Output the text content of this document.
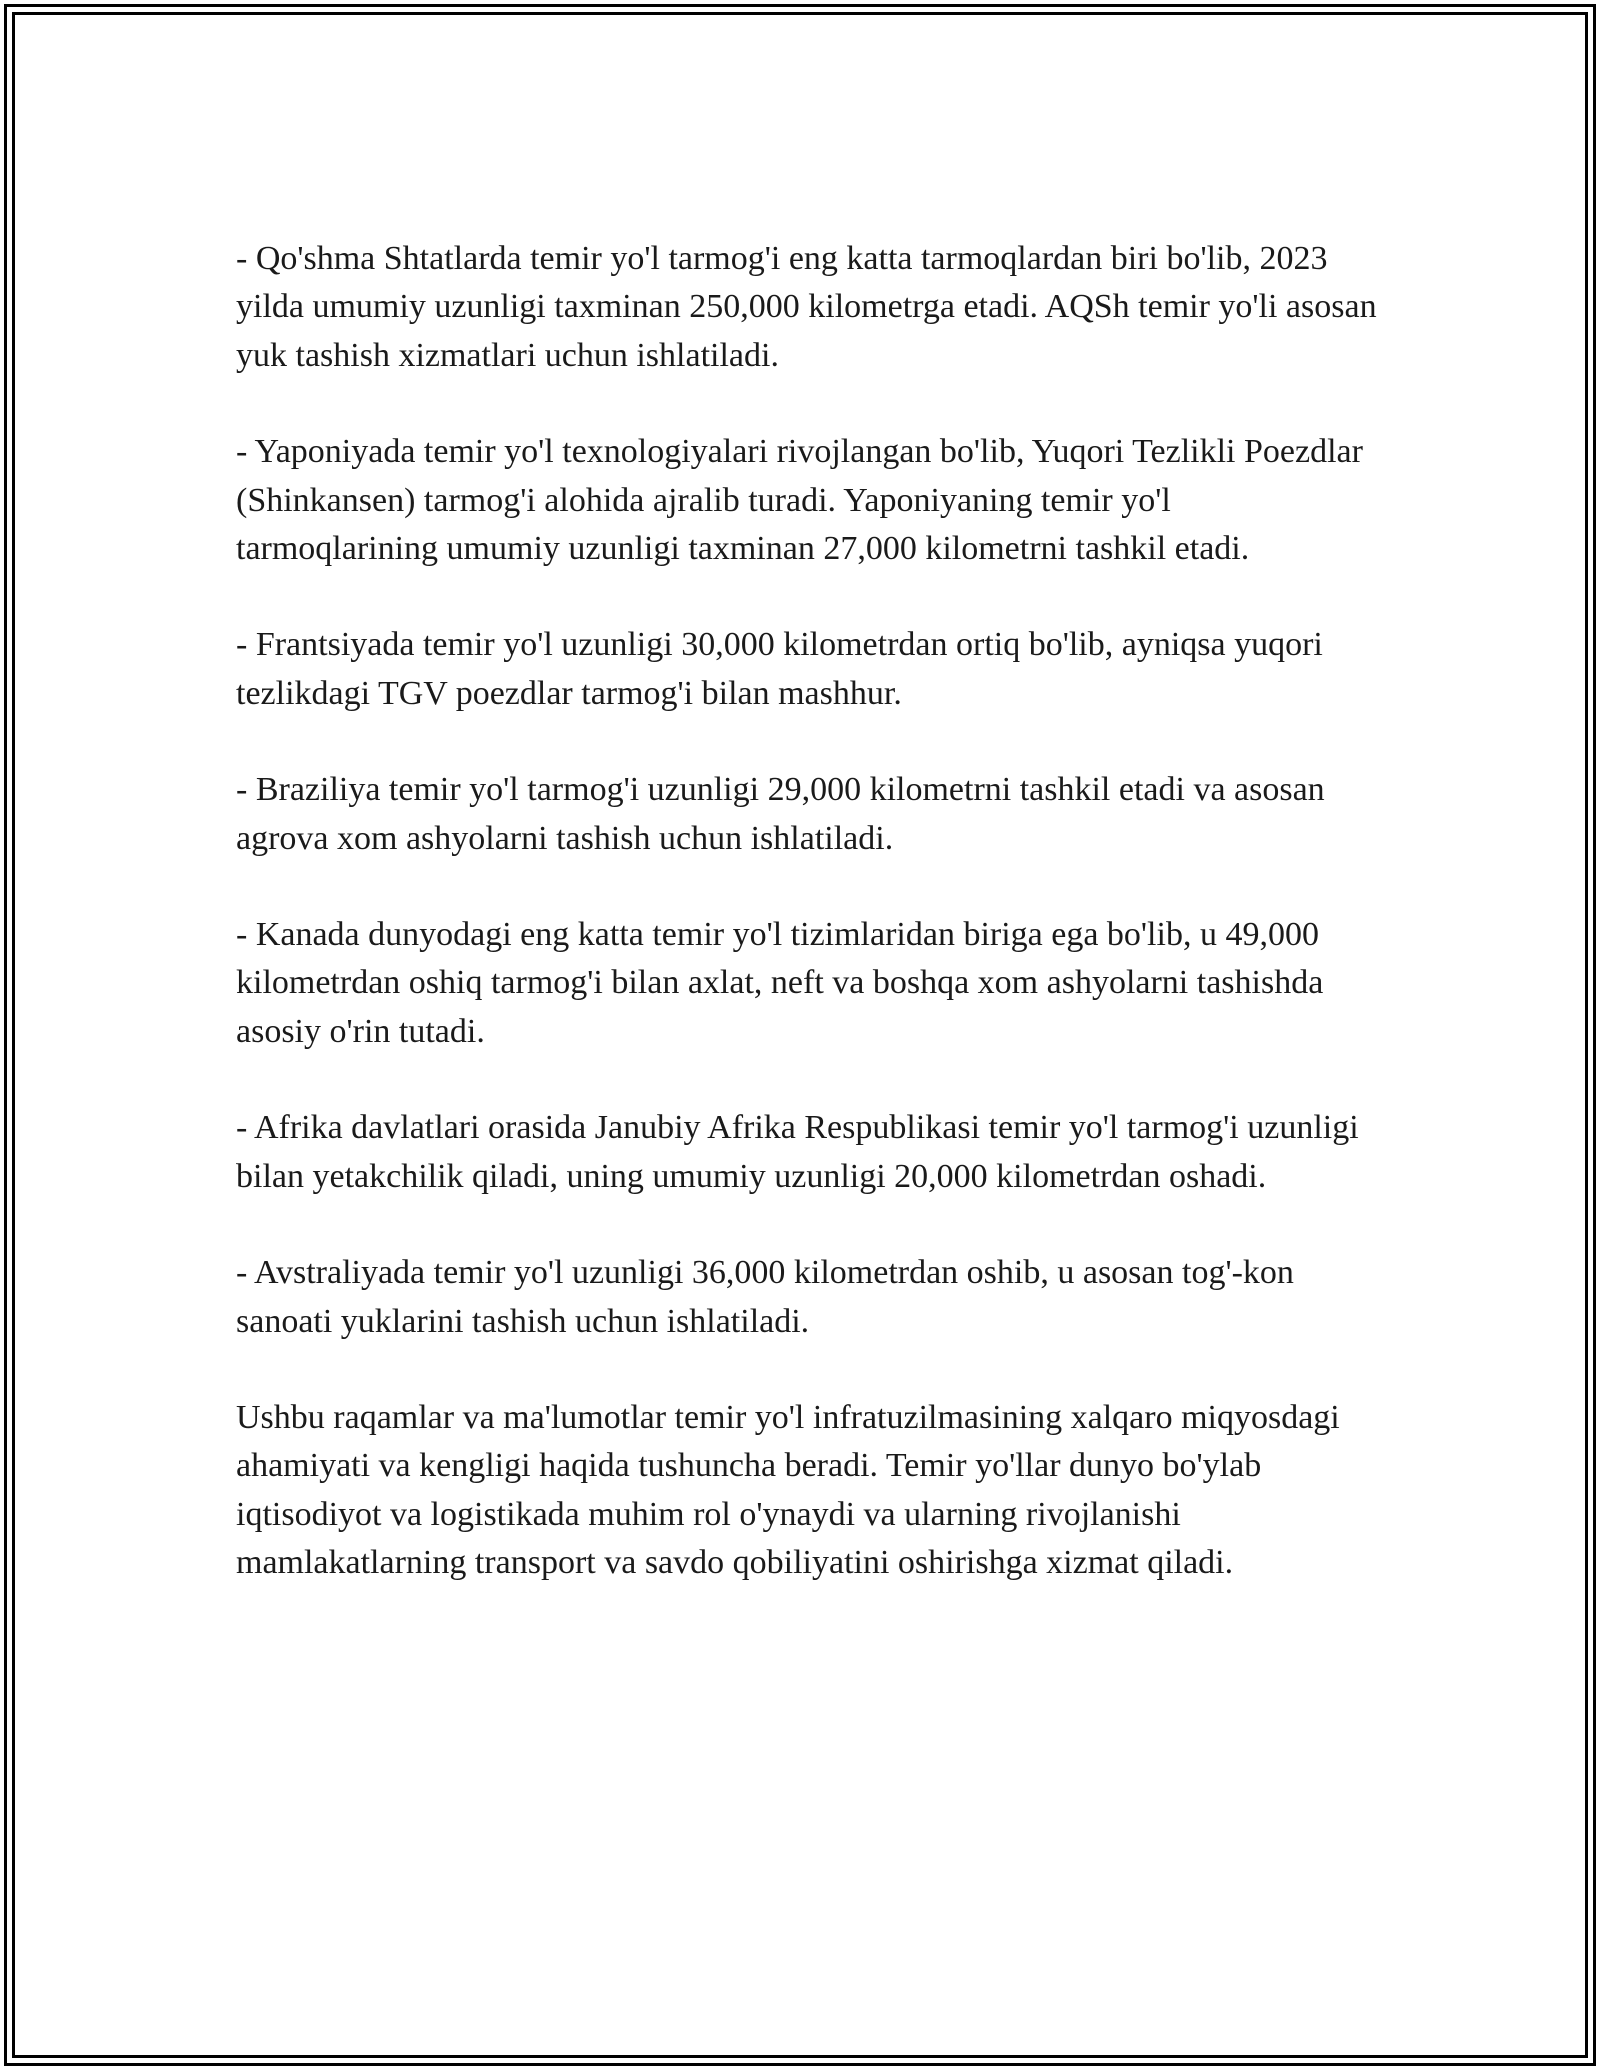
- Qo'shma Shtatlarda temir yo'l tarmog'i eng katta tarmoqlardan biri bo'lib, 2023 yilda umumiy uzunligi taxminan 250,000 kilometrga etadi. AQSh temir yo'li asosan yuk tashish xizmatlari uchun ishlatiladi.

- Yaponiyada temir yo'l texnologiyalari rivojlangan bo'lib, Yuqori Tezlikli Poezdlar (Shinkansen) tarmog'i alohida ajralib turadi. Yaponiyaning temir yo'l tarmoqlarining umumiy uzunligi taxminan 27,000 kilometrni tashkil etadi.

- Frantsiyada temir yo'l uzunligi 30,000 kilometrdan ortiq bo'lib, ayniqsa yuqori tezlikdagi TGV poezdlar tarmog'i bilan mashhur.

- Braziliya temir yo'l tarmog'i uzunligi 29,000 kilometrni tashkil etadi va asosan agrova xom ashyolarni tashish uchun ishlatiladi.

- Kanada dunyodagi eng katta temir yo'l tizimlaridan biriga ega bo'lib, u 49,000 kilometrdan oshiq tarmog'i bilan axlat, neft va boshqa xom ashyolarni tashishda asosiy o'rin tutadi.

- Afrika davlatlari orasida Janubiy Afrika Respublikasi temir yo'l tarmog'i uzunligi bilan yetakchilik qiladi, uning umumiy uzunligi 20,000 kilometrdan oshadi.

- Avstraliyada temir yo'l uzunligi 36,000 kilometrdan oshib, u asosan tog'-kon sanoati yuklarini tashish uchun ishlatiladi.

Ushbu raqamlar va ma'lumotlar temir yo'l infratuzilmasining xalqaro miqyosdagi ahamiyati va kengligi haqida tushuncha beradi. Temir yo'llar dunyo bo'ylab iqtisodiyot va logistikada muhim rol o'ynaydi va ularning rivojlanishi mamlakatlarning transport va savdo qobiliyatini oshirishga xizmat qiladi.
